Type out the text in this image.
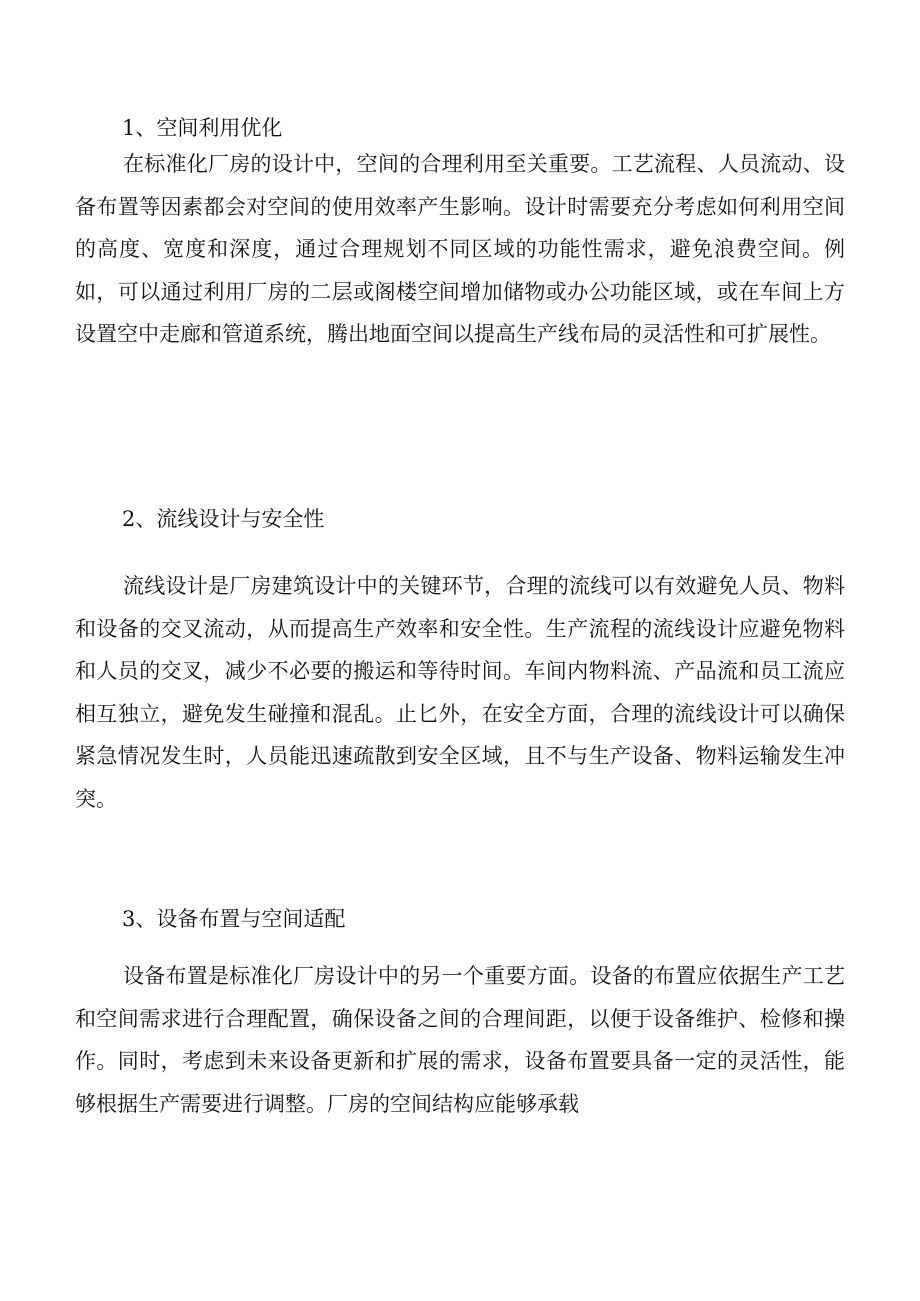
1、空间利用优化

在标准化厂房的设计中，空间的合理利用至关重要。工艺流程、人员流动、设备布置等因素都会对空间的使用效率产生影响。设计时需要充分考虑如何利用空间的高度、宽度和深度，通过合理规划不同区域的功能性需求，避免浪费空间。例如，可以通过利用厂房的二层或阁楼空间增加储物或办公功能区域，或在车间上方设置空中走廊和管道系统，腾出地面空间以提高生产线布局的灵活性和可扩展性。

2、流线设计与安全性

流线设计是厂房建筑设计中的关键环节，合理的流线可以有效避免人员、物料和设备的交叉流动，从而提高生产效率和安全性。生产流程的流线设计应避免物料和人员的交叉，减少不必要的搬运和等待时间。车间内物料流、产品流和员工流应相互独立，避免发生碰撞和混乱。止匕外，在安全方面，合理的流线设计可以确保紧急情况发生时，人员能迅速疏散到安全区域，且不与生产设备、物料运输发生冲突。

3、设备布置与空间适配

设备布置是标准化厂房设计中的另一个重要方面。设备的布置应依据生产工艺和空间需求进行合理配置，确保设备之间的合理间距，以便于设备维护、检修和操作。同时，考虑到未来设备更新和扩展的需求，设备布置要具备一定的灵活性，能够根据生产需要进行调整。厂房的空间结构应能够承载
